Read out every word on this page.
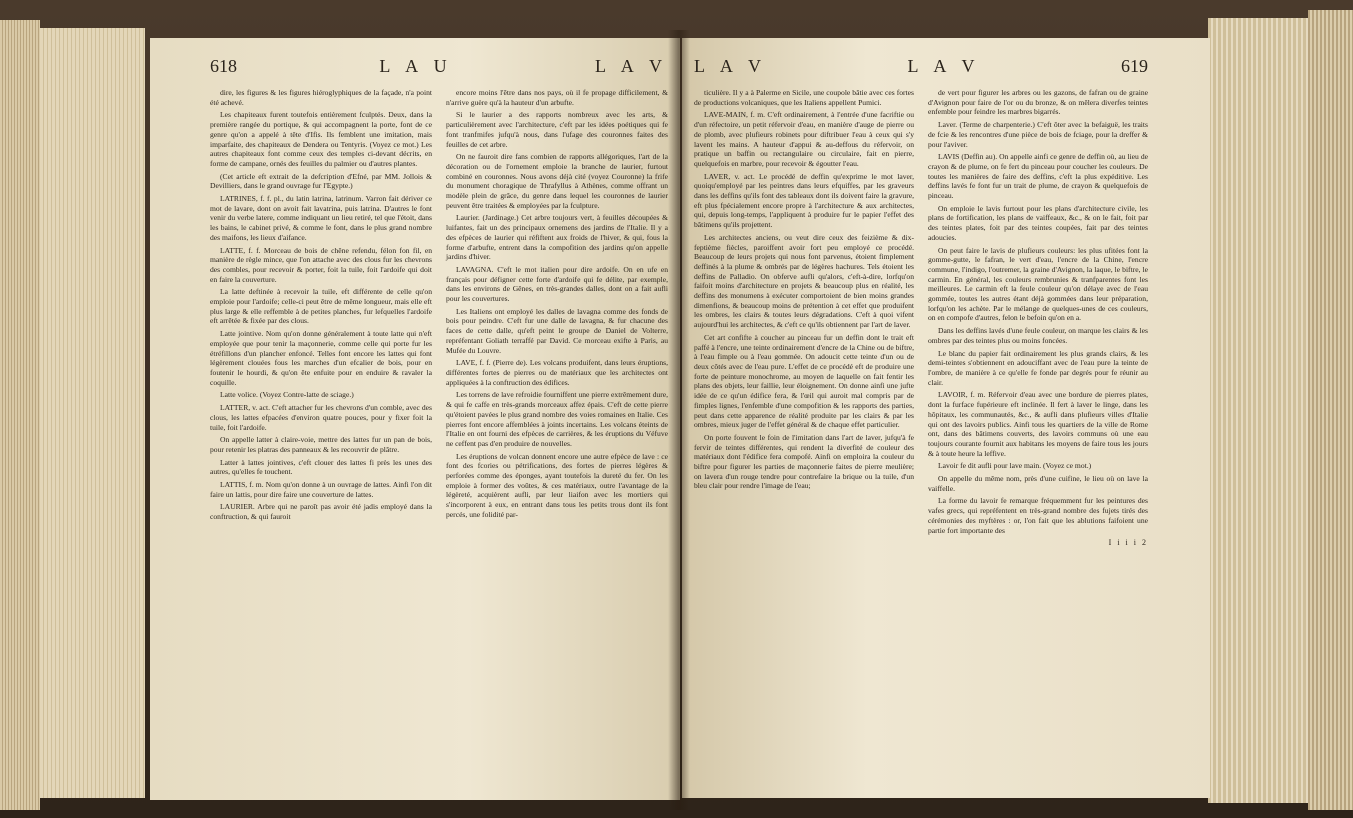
618	L A U	L A V

dire, les figures & les figures hiéroglyphiques de la façade, n'a point été achevé.

Les chapiteaux furent toutefois entièrement fculptés. Deux, dans la première rangée du portique, & qui accompagnent la porte, font de ce genre qu'on a appelé à tête d'Ifis. Ils femblent une imitation, mais imparfaite, des chapiteaux de Dendera ou Tentyris. (Voyez ce mot.) Les autres chapiteaux font comme ceux des temples ci-devant décrits, en forme de campane, ornés des feuilles du palmier ou d'autres plantes.

(Cet article eft extrait de la defcription d'Efné, par MM. Jollois & Devilliers, dans le grand ouvrage fur l'Egypte.)

LATRINES, f. f. pl., du latin latrina, latrinum. Varron fait dériver ce mot de lavare, dont on avoit fait lavatrina, puis latrina. D'autres le font venir du verbe latere, comme indiquant un lieu retiré, tel que l'étoit, dans les bains, le cabinet privé, & comme le font, dans le plus grand nombre des maifons, les lieux d'aifance.

LATTE, f. f. Morceau de bois de chêne refendu, félon fon fil, en manière de règle mince, que l'on attache avec des clous fur les chevrons des combles, pour recevoir & porter, foit la tuile, foit l'ardoife qui doit en faire la couverture.

La latte deftinée à recevoir la tuile, eft différente de celle qu'on emploie pour l'ardoife; celle-ci peut être de même longueur, mais elle eft plus large & elle reffemble à de petites planches, fur lefquelles l'ardoife eft arrêtée & fixée par des clous.

Latte jointive. Nom qu'on donne généralement à toute latte qui n'eft employée que pour tenir la maçonnerie, comme celle qui porte fur les étréfillons d'un plancher enfoncé. Telles font encore les lattes qui font légèrement clouées fous les marches d'un efcalier de bois, pour en foutenir le hourdi, & qu'on ête enfuite pour en enduire & ravaler la coquille.

Latte volice. (Voyez Contre-latte de sciage.)

LATTER, v. act. C'eft attacher fur les chevrons d'un comble, avec des clous, les lattes efpacées d'environ quatre pouces, pour y fixer foit la tuile, foit l'ardoife.

On appelle latter à claire-voie, mettre des lattes fur un pan de bois, pour retenir les platras des panneaux & les recouvrir de plâtre.

Latter à lattes jointives, c'eft clouer des lattes fi près les unes des autres, qu'elles fe touchent.

LATTIS, f. m. Nom qu'on donne à un ouvrage de lattes. Ainfi l'on dit faire un lattis, pour dire faire une couverture de lattes.

LAURIER. Arbre qui ne paroît pas avoir été jadis employé dans la conftruction, & qui fauroit

encore moins l'être dans nos pays, où il fe propage difficilement, & n'arrive guère qu'à la hauteur d'un arbufte.

Si le laurier a des rapports nombreux avec les arts, & particulièrement avec l'architecture, c'eft par les idées poétiques qui fe font tranfmifes jufqu'à nous, dans l'ufage des couronnes faites des feuilles de cet arbre.

On ne fauroit dire fans combien de rapports allégoriques, l'art de la décoration ou de l'ornement emploie la branche de laurier, furtout combiné en couronnes. Nous avons déjà cité (voyez Couronne) la frife du monument choragique de Thrafyllus à Athènes, comme offrant un modèle plein de grâce, du genre dans lequel les couronnes de laurier peuvent être traitées & employées par la fculpture.

Laurier. (Jardinage.) Cet arbre toujours vert, à feuilles découpées & luifantes, fait un des principaux ornemens des jardins de l'Italie. Il y a des efpèces de laurier qui réfiftent aux froids de l'hiver, & qui, fous la forme d'arbufte, entrent dans la compofition des jardins qu'on appelle jardins d'hiver.

LAVAGNA. C'eft le mot italien pour dire ardoife. On en ufe en français pour défigner cette forte d'ardoife qui fe délite, par exemple, dans les environs de Gênes, en très-grandes dalles, dont on a fait aufli pour les couvertures.

Les Italiens ont employé les dalles de lavagna comme des fonds de bois pour peindre. C'eft fur une dalle de lavagna, & fur chacune des faces de cette dalle, qu'eft peint le groupe de Daniel de Volterre, repréfentant Goliath terraffé par David. Ce morceau exifte à Paris, au Mufée du Louvre.

LAVE, f. f. (Pierre de). Les volcans produifent, dans leurs éruptions, différentes fortes de pierres ou de matériaux que les architectes ont appliquées à la conftruction des édifices.

Les torrens de lave refroidie fourniffent une pierre extrêmement dure, & qui fe caffe en très-grands morceaux affez épais. C'eft de cette pierre qu'étoient pavées le plus grand nombre des voies romaines en Italie. Ces pierres font encore affemblées à joints incertains. Les volcans éteints de l'Italie en ont fourni des efpèces de carrières, & les éruptions du Véfuve ne ceffent pas d'en produire de nouvelles.

Les éruptions de volcan donnent encore une autre efpèce de lave : ce font des fcories ou pétrifications, des fortes de pierres légères & perforées comme des éponges, ayant toutefois la dureté du fer. On les emploie à former des voûtes, & ces matériaux, outre l'avantage de la légèreté, acquièrent aufli, par leur liaifon avec les mortiers qui s'incorporent à eux, en entrant dans tous les petits trous dont ils font percés, une folidité par-

L A V	L A V	619

ticulière. Il y a à Palerme en Sicile, une coupole bâtie avec ces fortes de productions volcaniques, que les Italiens appellent Pumici.

LAVE-MAIN, f. m. C'eft ordinairement, à l'entrée d'une facriftie ou d'un réfectoire, un petit réfervoir d'eau, en manière d'auge de pierre ou de plomb, avec plufieurs robinets pour diftribuer l'eau à ceux qui s'y lavent les mains. A hauteur d'appui & au-deffous du réfervoir, on pratique un baffin ou rectangulaire ou circulaire, fait en pierre, quelquefois en marbre, pour recevoir & égoutter l'eau.

LAVER, v. act. Le procédé de deffin qu'exprime le mot laver, quoiqu'employé par les peintres dans leurs efquiffes, par les graveurs dans les deffins qu'ils font des tableaux dont ils doivent faire la gravure, eft plus fpécialement encore propre à l'architecture & aux architectes, qui, depuis long-temps, l'appliquent à produire fur le papier l'effet des bâtimens qu'ils projettent.

Les architectes anciens, ou veut dire ceux des feizième & dix-feptième fiècles, paroiffent avoir fort peu employé ce procédé. Beaucoup de leurs projets qui nous font parvenus, étoient fimplement deffinés à la plume & ombrés par de légères hachures. Tels étoient les deffins de Palladio. On obferve aufli qu'alors, c'eft-à-dire, lorfqu'on faifoit moins d'architecture en projets & beaucoup plus en réalité, les deffins des monumens à exécuter comportoient de bien moins grandes dimenfions, & beaucoup moins de prétention à cet effet que produifent les ombres, les clairs & toutes leurs dégradations. C'eft à quoi vifent aujourd'hui les architectes, & c'eft ce qu'ils obtiennent par l'art de laver.

Cet art confifte à coucher au pinceau fur un deffin dont le trait eft paffé à l'encre, une teinte ordinairement d'encre de la Chine ou de biftre, à l'eau fimple ou à l'eau gommée. On adoucit cette teinte d'un ou de deux côtés avec de l'eau pure. L'effet de ce procédé eft de produire une forte de peinture monochrome, au moyen de laquelle on fait fentir les plans des objets, leur faillie, leur éloignement. On donne ainfi une jufte idée de ce qu'un édifice fera, & l'œil qui auroit mal compris par de fimples lignes, l'enfemble d'une compofition & les rapports des parties, peut dans cette apparence de réalité produite par les clairs & par les ombres, mieux juger de l'effet général & de chaque effet particulier.

On porte fouvent le foin de l'imitation dans l'art de laver, jufqu'à fe fervir de teintes différentes, qui rendent la diverfité de couleur des matériaux dont l'édifice fera compofé. Ainfi on emploira la couleur du biftre pour figurer les parties de maçonnerie faites de pierre meulière; on lavera d'un rouge tendre pour contrefaire la brique ou la tuile, d'un bleu clair pour rendre l'image de l'eau;

de vert pour figurer les arbres ou les gazons, de fafran ou de graine d'Avignon pour faire de l'or ou du bronze, & on mêlera diverfes teintes enfemble pour feindre les marbres bigarrés.

Laver. (Terme de charpenterie.) C'eft ôter avec la befaiguë, les traits de fcie & les rencontres d'une pièce de bois de fciage, pour la dreffer & pour l'aviver.

LAVIS (Deffin au). On appelle ainfi ce genre de deffin où, au lieu de crayon & de plume, on fe fert du pinceau pour coucher les couleurs. De toutes les manières de faire des deffins, c'eft la plus expéditive. Les deffins lavés fe font fur un trait de plume, de crayon & quelquefois de pinceau.

On emploie le lavis furtout pour les plans d'architecture civile, les plans de fortification, les plans de vaiffeaux, &c., & on le fait, foit par des teintes plates, foit par des teintes coupées, fait par des teintes adoucies.

On peut faire le lavis de plufieurs couleurs: les plus ufitées font la gomme-gutte, le fafran, le vert d'eau, l'encre de la Chine, l'encre commune, l'indigo, l'outremer, la graine d'Avignon, la laque, le biftre, le carmin. En général, les couleurs rembrunies & tranfparentes font les meilleures. Le carmin eft la feule couleur qu'on délaye avec de l'eau gommée, toutes les autres étant déjà gommées dans leur préparation, lorfqu'on les achète. Par le mélange de quelques-unes de ces couleurs, on en compofe d'autres, felon le befoin qu'on en a.

Dans les deffins lavés d'une feule couleur, on marque les clairs & les ombres par des teintes plus ou moins foncées.

Le blanc du papier fait ordinairement les plus grands clairs, & les demi-teintes s'obtiennent en adouciffant avec de l'eau pure la teinte de l'ombre, de manière à ce qu'elle fe fonde par degrés pour fe réunir au clair.

LAVOIR, f. m. Réfervoir d'eau avec une bordure de pierres plates, dont la furface fupérieure eft inclinée. Il fert à laver le linge, dans les hôpitaux, les communautés, &c., & aufli dans plufieurs villes d'Italie qui ont des lavoirs publics. Ainfi tous les quartiers de la ville de Rome ont, dans des bâtimens couverts, des lavoirs communs où une eau toujours courante fournit aux habitans les moyens de faire tous les jours & à toute heure la leffive.

Lavoir fe dit aufli pour lave main. (Voyez ce mot.)

On appelle du même nom, près d'une cuifine, le lieu où on lave la vaiffelle.

La forme du lavoir fe remarque fréquemment fur les peintures des vafes grecs, qui repréfentent en très-grand nombre des fujets tirés des cérémonies des myftères : or, l'on fait que les ablutions faifoient une partie fort importante des

I i i i 2
